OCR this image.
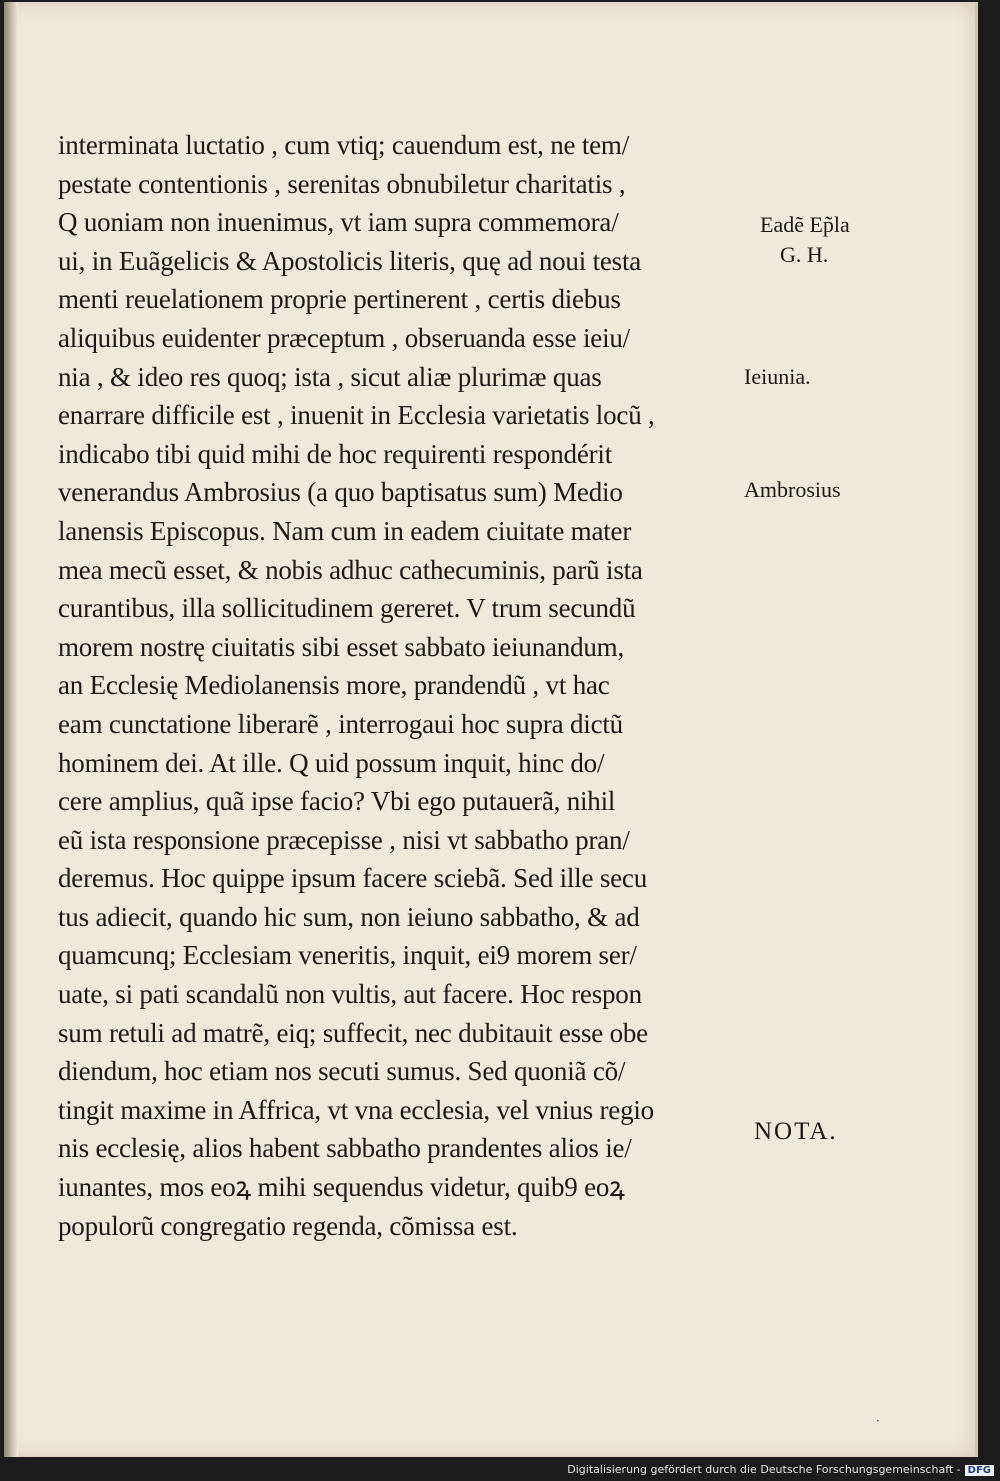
interminata luctatio , cum vtiq; cauendum est, ne tem/
pestate contentionis , serenitas obnubiletur charitatis ,
Q uoniam non inuenimus, vt iam supra commemora/
ui, in Euãgelicis & Apostolicis literis, quę ad noui testa
menti reuelationem proprie pertinerent , certis diebus
aliquibus euidenter præceptum , obseruanda esse ieiu/
nia , & ideo res quoq; ista , sicut aliæ plurimæ quas
enarrare difficile est , inuenit in Ecclesia varietatis locũ ,
indicabo tibi quid mihi de hoc requirenti respondérit
venerandus Ambrosius (a quo baptisatus sum) Medio
lanensis Episcopus. Nam cum in eadem ciuitate mater
mea mecũ esset, & nobis adhuc cathecuminis, parũ ista
curantibus, illa sollicitudinem gereret. V trum secundũ
morem nostrę ciuitatis sibi esset sabbato ieiunandum,
an Ecclesię Mediolanensis more, prandendũ , vt hac
eam cunctatione liberarẽ , interrogaui hoc supra dictũ
hominem dei. At ille. Q uid possum inquit, hinc do/
cere amplius, quã ipse facio? Vbi ego putauerã, nihil
eũ ista responsione præcepisse , nisi vt sabbatho pran/
deremus. Hoc quippe ipsum facere sciebã. Sed ille secu
tus adiecit, quando hic sum, non ieiuno sabbatho, & ad
quamcunq; Ecclesiam veneritis, inquit, ei9 morem ser/
uate, si pati scandalũ non vultis, aut facere. Hoc respon
sum retuli ad matrẽ, eiq; suffecit, nec dubitauit esse obe
diendum, hoc etiam nos secuti sumus. Sed quoniã cõ/
tingit maxime in Affrica, vt vna ecclesia, vel vnius regio
nis ecclesię, alios habent sabbatho prandentes alios ie/
iunantes, mos eoꝝ mihi sequendus videtur, quib9 eoꝝ
populorũ congregatio regenda, cõmissa est.
Eadẽ Ep̃la
G. H.
Ieiunia.
Ambrosius
NOTA.
·
Digitalisierung gefördert durch die Deutsche Forschungsgemeinschaft - DFG
